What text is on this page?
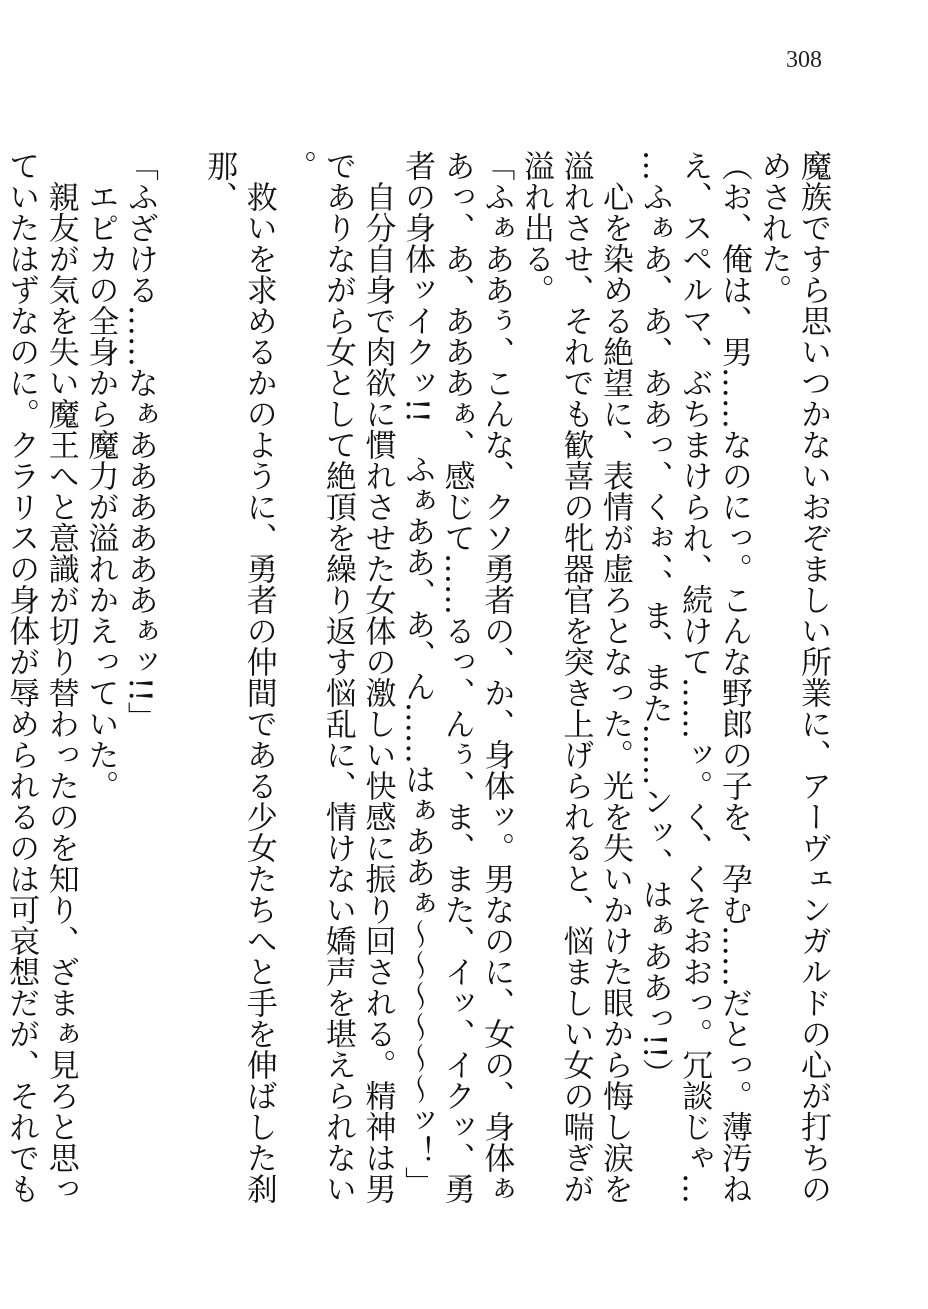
308

魔族ですら思いつかないおぞましい所業に、アーヴェンガルドの心が打ちのめされた。

（お、俺は、男……なのにっ。こんな野郎の子を、孕む……だとっ。薄汚ねえ、スペルマ、ぶちまけられ、続けて……ッ。く、くそおおっ。冗談じゃ……ふぁあ、あ、ああっ、くぉ、、ま、また……ンッ、はぁああっ!!）

　心を染める絶望に、表情が虚ろとなった。光を失いかけた眼から悔し涙を溢れさせ、それでも歓喜の牝器官を突き上げられると、悩ましい女の喘ぎが溢れ出る。

「ふぁああぅ、こんな、クソ勇者の、か、身体ッ。男なのに、女の、身体ぁあっ、あ、あああぁ、感じて……るっ、んぅ、ま、また、イッ、イクッ、勇者の身体ッイクッ!!　ふぁああ、あ、ん……はぁああぁ〜〜〜〜〜〜ッ！」

　自分自身で肉欲に慣れさせた女体の激しい快感に振り回される。精神は男でありながら女として絶頂を繰り返す悩乱に、情けない嬌声を堪えられない。

　救いを求めるかのように、勇者の仲間である少女たちへと手を伸ばした刹那、

「ふざける……なぁああああああぁッ!!」

　エピカの全身から魔力が溢れかえっていた。

　親友が気を失い魔王へと意識が切り替わったのを知り、ざまぁ見ろと思っていたはずなのに。クラリスの身体が辱められるのは可哀想だが、それでも
